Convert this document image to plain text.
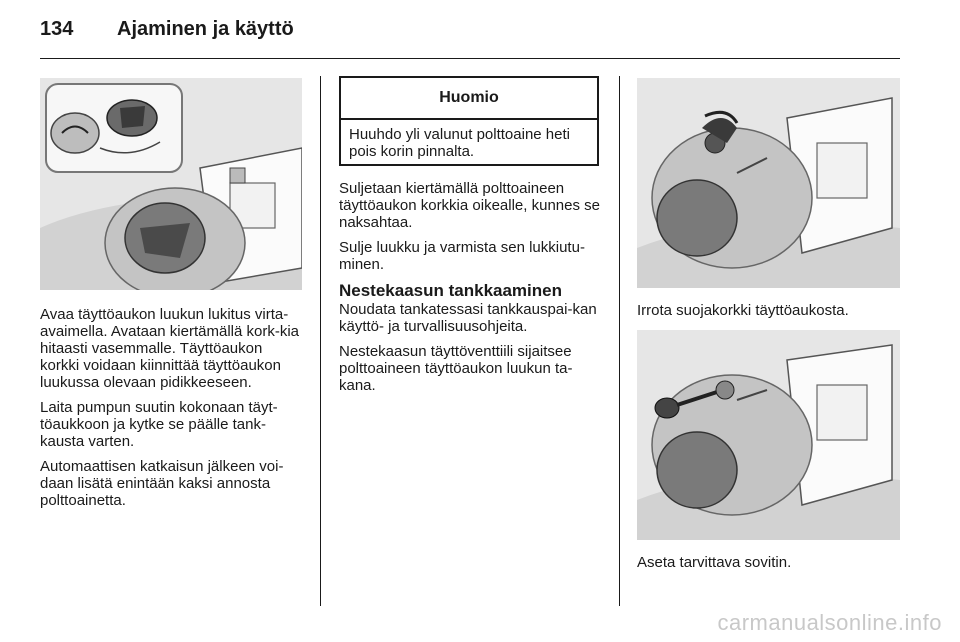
134 Ajaminen ja käyttö

Avaa täyttöaukon luukun lukitus virta-avaimella. Avataan kiertämällä kork-kia hitaasti vasemmalle. Täyttöaukon korkki voidaan kiinnittää täyttöaukon luukussa olevaan pidikkeeseen.

Laita pumpun suutin kokonaan täyt-töaukkoon ja kytke se päälle tank-kausta varten.

Automaattisen katkaisun jälkeen voi-daan lisätä enintään kaksi annosta polttoainetta.

Huomio
Huuhdo yli valunut polttoaine heti pois korin pinnalta.

Suljetaan kiertämällä polttoaineen täyttöaukon korkkia oikealle, kunnes se naksahtaa.

Sulje luukku ja varmista sen lukkiutu-minen.

Nestekaasun tankkaaminen

Noudata tankatessasi tankkauspai-kan käyttö- ja turvallisuusohjeita.

Nestekaasun täyttöventtiili sijaitsee polttoaineen täyttöaukon luukun ta-kana.

Irrota suojakorkki täyttöaukosta.
Aseta tarvittava sovitin.
carmanualsonline.info
